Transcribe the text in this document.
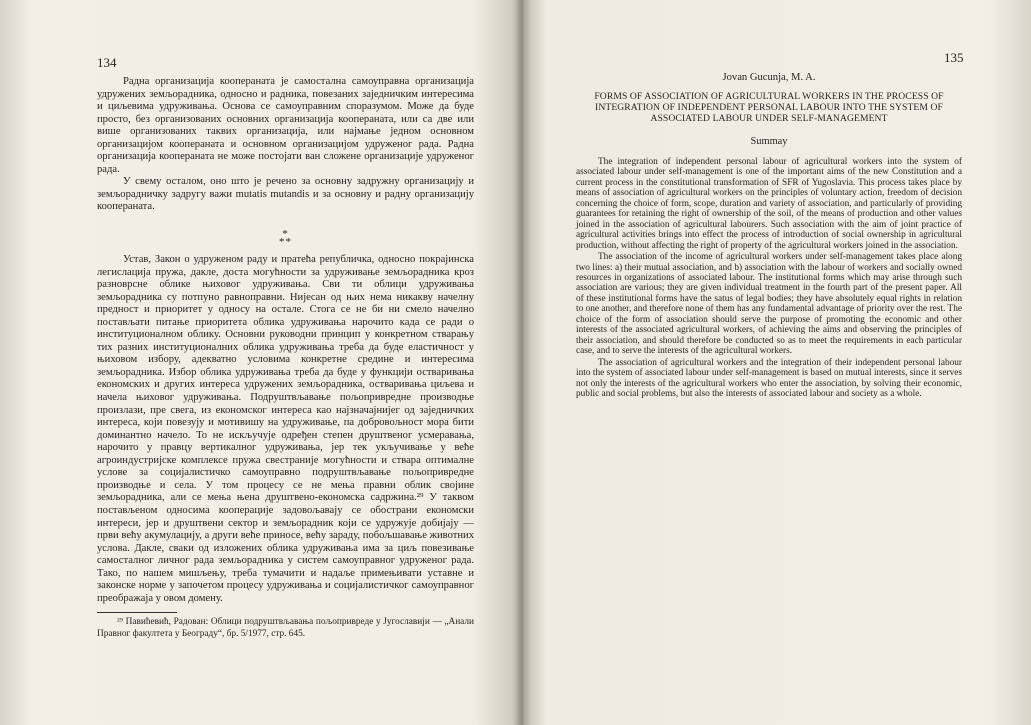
134

Радна организација кооперaната је самостална самоуправна организација удружених земљорадника, односно и радника, повезаних заједничким интересима и циљевима удруживања. Основа се самоуправним споразумом. Може да буде просто, без организованих основних организација кооперaната, или са две или више организованих таквих организација, или најмање једном основном организацијом кооперaната и основном организацијом удруженог рада. Радна организација кооперaната не може постојати ван сложене организације удруженог рада.

У свему осталом, оно што је речено за основну задружну организацију и земљорадничку задругу важи mutatis mutandis и за основну и радну организацију кооперaната.

*
**

Устав, Закон о удруженом раду и пратећа републичка, односно покрајинска легислација пружа, дакле, доста могућности за удруживање земљорадника кроз разноврсне облике њиховог удруживања. Сви ти облици удруживања земљорадника су потпуно равноправни. Нијеcан од њих нема никакву начелну предност и приоритет у односу на остале. Стога се не би ни смело начелно постављати питање приоритета облика удруживања нарочито када се ради о институционалном облику. Основни руководни принцип у конкретном стварању тих разних институционалних облика удруживања треба да буде еластичност у њиховом избору, адекватно условима конкретне средине и интересима земљорадника. Избор облика удруживања треба да буде у функцији остваривања економских и других интереса удружених земљорадника, остваривања циљева и начела њиховог удруживања. Подруштвљавање пољопривредне производње произлази, пре свега, из економског интереса као најзначајнијег од заједничких интереса, који повезују и мотивишу на удруживање, па добровољност мора бити доминантно начело. То не искључује одређен степен друштвеног усмеравања, нарочито у правцу вертикалног удруживања, јер тек укључивање у веће агроиндустријске комплексе пружа свестраније могућности и ствара оптималне услове за социјалистичко самоуправно подруштвљавање пољопривредне производње и села. У том процесу се не мења правни облик својине земљорадника, али се мења њена друштвено-економска садржина.²⁹ У таквом постављеном односима кооперације задовољавају се обострани економски интереси, јер и друштвени сектор и земљорадник који се удружује добијају — први већу акумулацију, а други веће приносе, већу зараду, побољшавање животних услова. Дакле, сваки од изложених облика удруживања има за циљ повезивање самосталног личног рада земљорадника у систем самоуправног удруженог рада. Тако, по нашем мишљењу, треба тумачити и надаље примењивати уставне и законске норме у започетом процесу удруживања и социјалистичког самоуправног преображаја у овом домену.

²⁹ Павићевић, Радован: Облици подруштвљавања пољопривреде у Југославији — „Анали Правног факултета у Београду“, бр. 5/1977, стр. 645.
135
Jovan Gucunja, M. A.
FORMS OF ASSOCIATION OF AGRICULTURAL WORKERS IN THE PROCESS OF INTEGRATION OF INDEPENDENT PERSONAL LABOUR INTO THE SYSTEM OF ASSOCIATED LABOUR UNDER SELF-MANAGEMENT
Summay

The integration of independent personal labour of agricultural workers into the system of associated labour under self-management is one of the important aims of the new Constitution and a current process in the constitutional transformation of SFR of Yugoslavia. This process takes place by means of association of agricultural workers on the principles of voluntary action, freedom of decision concerning the choice of form, scope, duration and variety of association, and particularly of providing guarantees for retaining the right of ownership of the soil, of the means of production and other values joined in the association of agricultural labourers. Such association with the aim of joint practice of agricultural activities brings into effect the process of introduction of social ownership in agricultural production, without affecting the right of property of the agricultural workers joined in the association.

The association of the income of agricultural workers under self-management takes place along two lines: a) their mutual association, and b) association with the labour of workers and socially owned resources in organizations of associated labour. The institutional forms which may arise through such association are various; they are given individual treatment in the fourth part of the present paper. All of these institutional forms have the satus of legal bodies; they have absolutely equal rights in relation to one another, and therefore none of them has any fundamental advantage of priority over the rest. The choice of the form of association should serve the purpose of promoting the economic and other interests of the associated agricultural workers, of achieving the aims and observing the principles of their association, and should therefore be conducted so as to meet the requirements in each particular case, and to serve the interests of the agricultural workers.

The association of agricultural workers and the integration of their independent personal labour into the system of associated labour under self-management is based on mutual interests, since it serves not only the interests of the agricultural workers who enter the association, by solving their economic, public and social problems, but also the interests of associated labour and society as a whole.
